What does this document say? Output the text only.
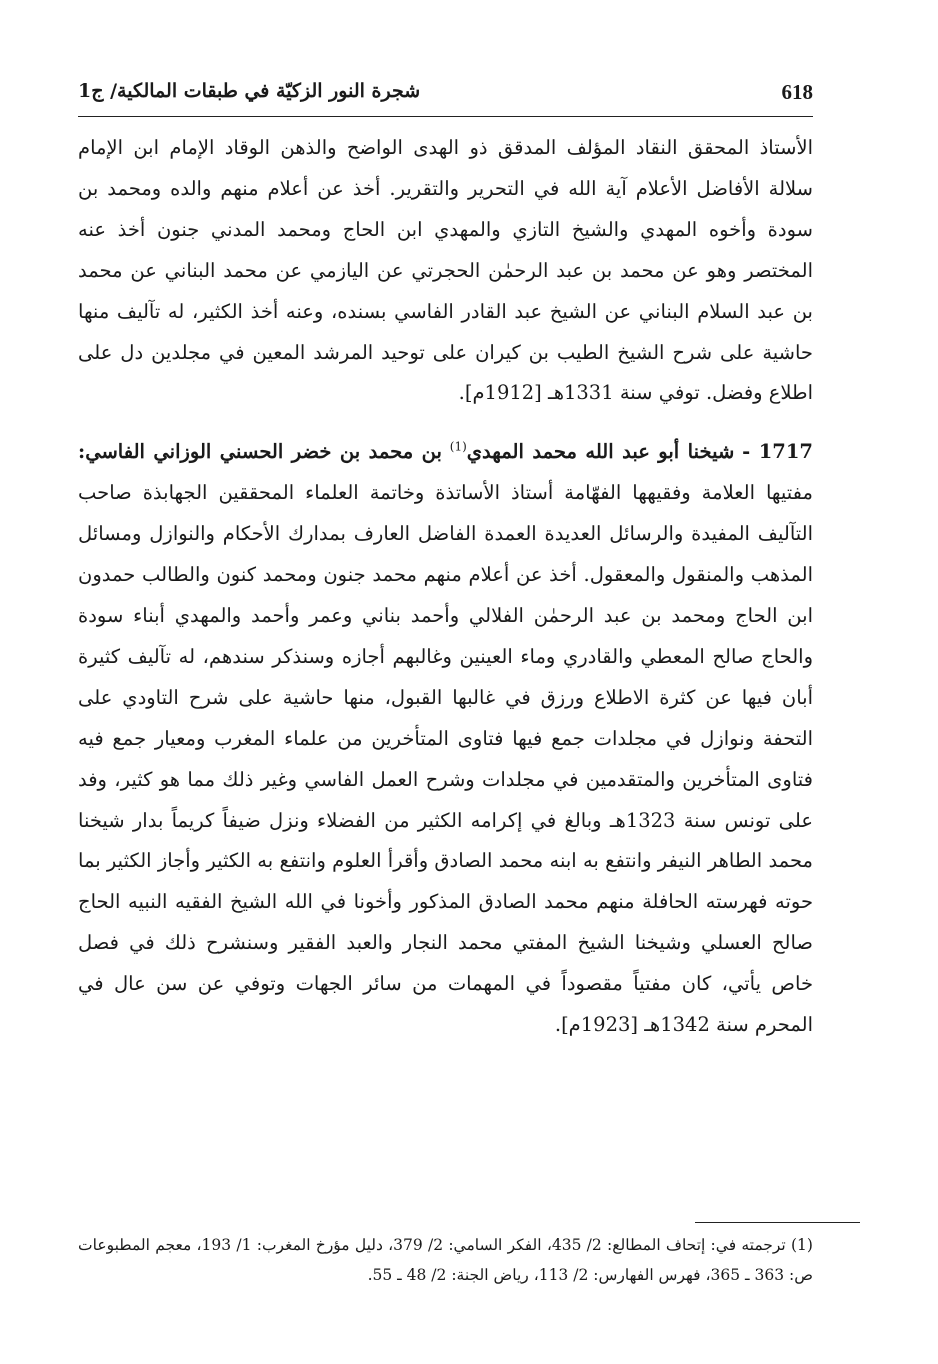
618
شجرة النور الزكيّة في طبقات المالكية/ ج1

الأستاذ المحقق النقاد المؤلف المدقق ذو الهدى الواضح والذهن الوقاد الإمام ابن الإمام سلالة الأفاضل الأعلام آية الله في التحرير والتقرير. أخذ عن أعلام منهم والده ومحمد بن سودة وأخوه المهدي والشيخ التازي والمهدي ابن الحاج ومحمد المدني جنون أخذ عنه المختصر وهو عن محمد بن عبد الرحمٰن الحجرتي عن اليازمي عن محمد البناني عن محمد بن عبد السلام البناني عن الشيخ عبد القادر الفاسي بسنده، وعنه أخذ الكثير، له تآليف منها حاشية على شرح الشيخ الطيب بن كيران على توحيد المرشد المعين في مجلدين دل على اطلاع وفضل. توفي سنة 1331هـ [1912م].

1717 - شيخنا أبو عبد الله محمد المهدي$^{(1)}$ بن محمد بن خضر الحسني الوزاني الفاسي: مفتيها العلامة وفقيهها الفهّامة أستاذ الأساتذة وخاتمة العلماء المحققين الجهابذة صاحب التآليف المفيدة والرسائل العديدة العمدة الفاضل العارف بمدارك الأحكام والنوازل ومسائل المذهب والمنقول والمعقول. أخذ عن أعلام منهم محمد جنون ومحمد كنون والطالب حمدون ابن الحاج ومحمد بن عبد الرحمٰن الفلالي وأحمد بناني وعمر وأحمد والمهدي أبناء سودة والحاج صالح المعطي والقادري وماء العينين وغالبهم أجازه وسنذكر سندهم، له تآليف كثيرة أبان فيها عن كثرة الاطلاع ورزق في غالبها القبول، منها حاشية على شرح التاودي على التحفة ونوازل في مجلدات جمع فيها فتاوى المتأخرين من علماء المغرب ومعيار جمع فيه فتاوى المتأخرين والمتقدمين في مجلدات وشرح العمل الفاسي وغير ذلك مما هو كثير، وفد على تونس سنة 1323هـ وبالغ في إكرامه الكثير من الفضلاء ونزل ضيفاً كريماً بدار شيخنا محمد الطاهر النيفر وانتفع به ابنه محمد الصادق وأقرأ العلوم وانتفع به الكثير وأجاز الكثير بما حوته فهرسته الحافلة منهم محمد الصادق المذكور وأخونا في الله الشيخ الفقيه النبيه الحاج صالح العسلي وشيخنا الشيخ المفتي محمد النجار والعبد الفقير وسنشرح ذلك في فصل خاص يأتي، كان مفتياً مقصوداً في المهمات من سائر الجهات وتوفي عن سن عال في المحرم سنة 1342هـ [1923م].

(1) ترجمته في: إتحاف المطالع: 2/ 435، الفكر السامي: 2/ 379، دليل مؤرخ المغرب: 1/ 193، معجم المطبوعات ص: 363 ـ 365، فهرس الفهارس: 2/ 113، رياض الجنة: 2/ 48 ـ 55.
